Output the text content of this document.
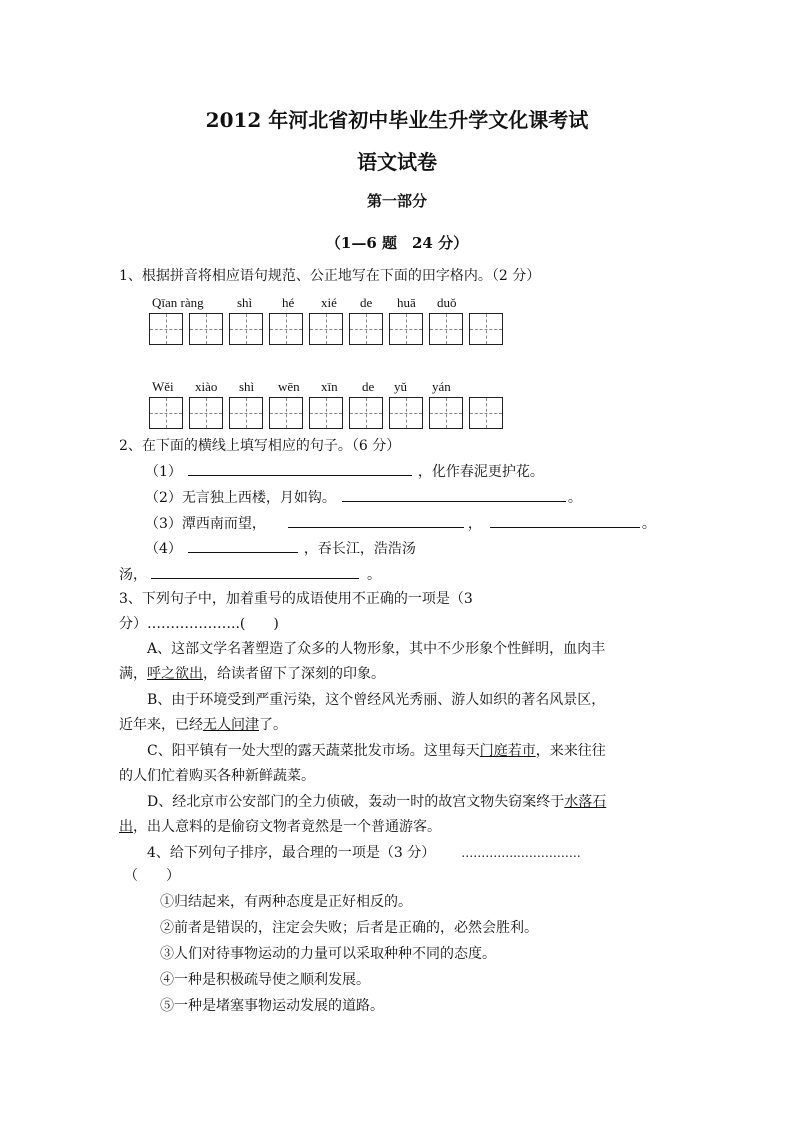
2012 年河北省初中毕业生升学文化课考试
语文试卷
第一部分
（1—6 题　24 分）
1、根据拼音将相应语句规范、公正地写在下面的田字格内。（2 分）
Qīan ràng	shì hé xié de huā duǒ
Wěi xiào shì wēn xīn de yǔ yán
2、在下面的横线上填写相应的句子。（6 分）
（1）	，化作春泥更护花。
（2）无言独上西楼，月如钩。	。
（3）潭西南而望，	，	。
（4）	，吞长江，浩浩汤
汤，	。
3、下列句子中，加着重号的成语使用不正确的一项是（3
分）………………..(　　)
A、这部文学名著塑造了众多的人物形象，其中不少形象个性鲜明，血肉丰
满，呼之欲出，给读者留下了深刻的印象。
B、由于环境受到严重污染，这个曾经风光秀丽、游人如织的著名风景区，
近年来，已经无人问津了。
C、阳平镇有一处大型的露天蔬菜批发市场。这里每天门庭若市，来来往往
的人们忙着购买各种新鲜蔬菜。
D、经北京市公安部门的全力侦破，轰动一时的故宫文物失窃案终于水落石
出，出人意料的是偷窃文物者竟然是一个普通游客。
4、给下列句子排序，最合理的一项是（3 分） …………..…………….
（　　）
①归结起来，有两种态度是正好相反的。
②前者是错误的，注定会失败；后者是正确的，必然会胜利。
③人们对待事物运动的力量可以采取种种不同的态度。
④一种是积极疏导使之顺利发展。
⑤一种是堵塞事物运动发展的道路。
